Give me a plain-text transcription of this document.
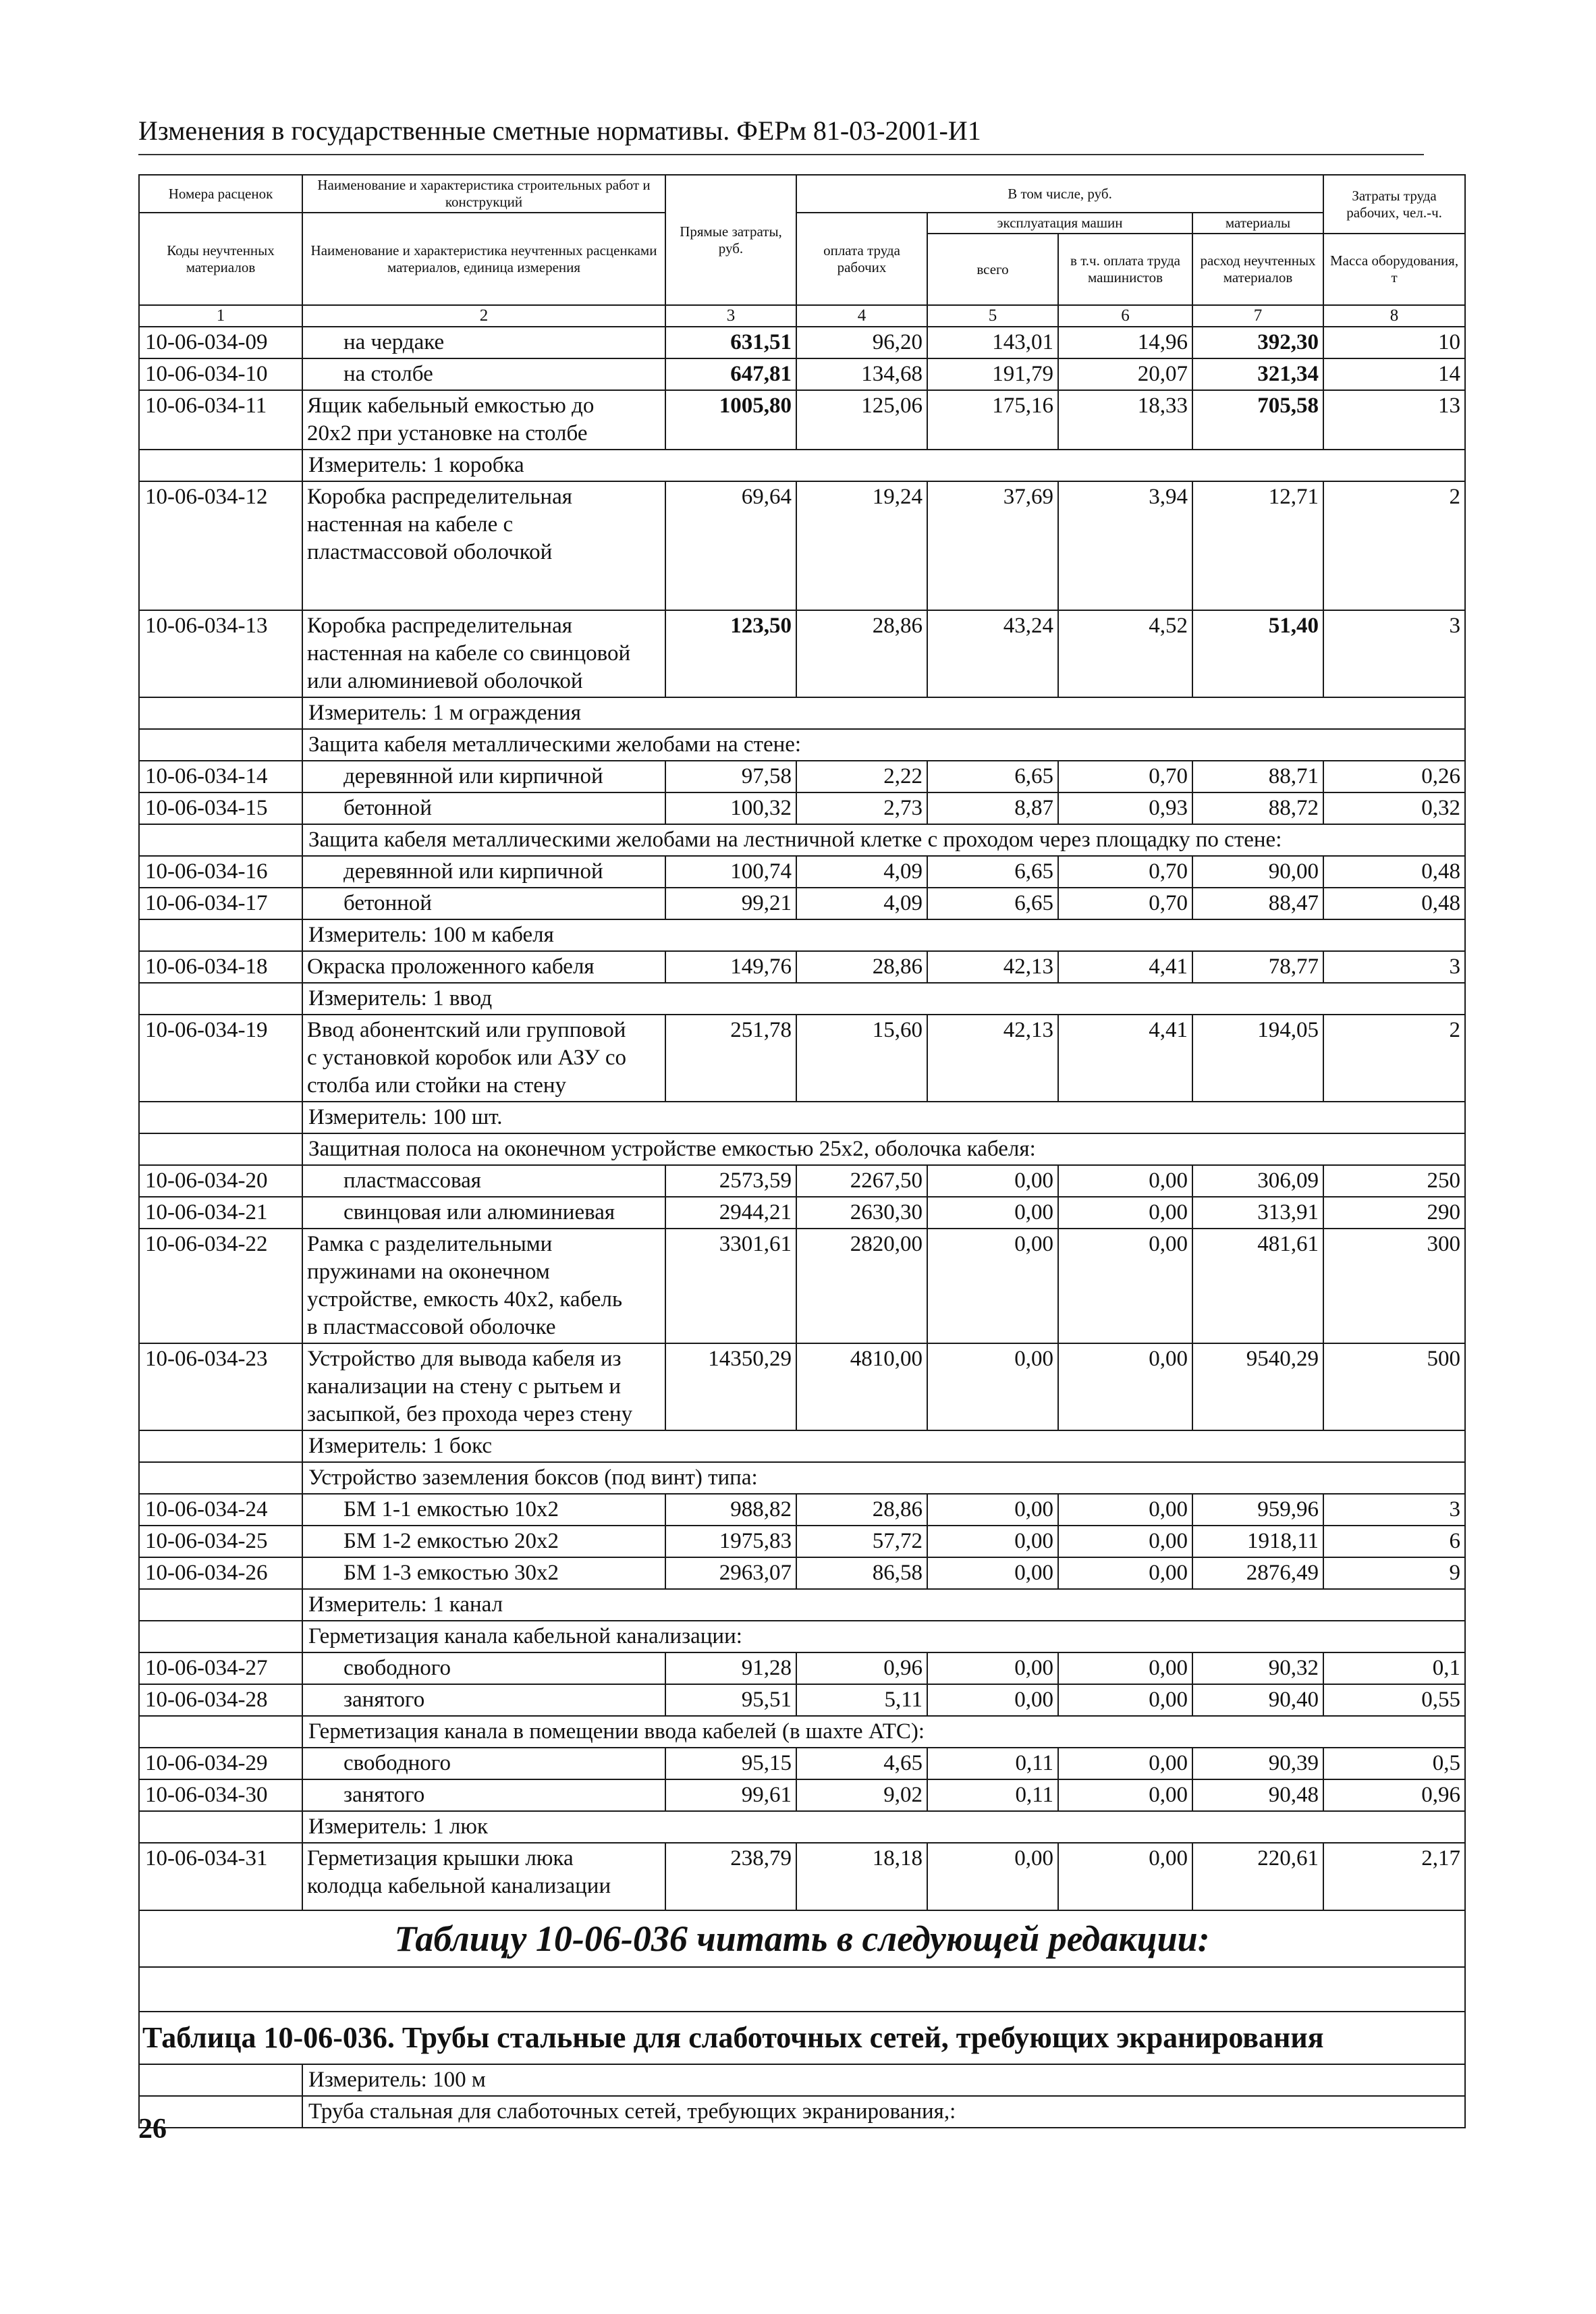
Изменения в государственные сметные нормативы. ФЕРм 81-03-2001-И1
Номера расценок	Наименование и характеристика строительных работ и конструкций	Прямые затраты, руб.	В том числе, руб.				Затраты труда рабочих, чел.-ч.
Коды неучтенных материалов	Наименование и характеристика неучтенных расценками материалов, единица измерения		оплата труда рабочих	эксплуатация машин		материалы	
				всего	в т.ч. оплата труда машинистов	расход неучтенных материалов	
							Масса оборудования, т
1	2	3	4	5	6	7	8
10-06-034-09	на чердаке	631,51	96,20	143,01	14,96	392,30	10
10-06-034-10	на столбе	647,81	134,68	191,79	20,07	321,34	14
10-06-034-11	Ящик кабельный емкостью до
20x2 при установке на столбе	1005,80	125,06	175,16	18,33	705,58	13
	Измеритель: 1 коробка						
10-06-034-12	Коробка распределительная
настенная на кабеле с
пластмассовой оболочкой	69,64	19,24	37,69	3,94	12,71	2
10-06-034-13	Коробка распределительная
настенная на кабеле со свинцовой
или алюминиевой оболочкой	123,50	28,86	43,24	4,52	51,40	3
	Измеритель: 1 м ограждения						
	Защита кабеля металлическими желобами на стене:						
10-06-034-14	деревянной или кирпичной	97,58	2,22	6,65	0,70	88,71	0,26
10-06-034-15	бетонной	100,32	2,73	8,87	0,93	88,72	0,32
	Защита кабеля металлическими желобами на лестничной клетке с проходом через площадку по стене:						
10-06-034-16	деревянной или кирпичной	100,74	4,09	6,65	0,70	90,00	0,48
10-06-034-17	бетонной	99,21	4,09	6,65	0,70	88,47	0,48
	Измеритель: 100 м кабеля						
10-06-034-18	Окраска проложенного кабеля	149,76	28,86	42,13	4,41	78,77	3
	Измеритель: 1 ввод						
10-06-034-19	Ввод абонентский или групповой
с установкой коробок или АЗУ со
столба или стойки на стену	251,78	15,60	42,13	4,41	194,05	2
	Измеритель: 100 шт.						
	Защитная полоса на оконечном устройстве емкостью 25x2, оболочка кабеля:						
10-06-034-20	пластмассовая	2573,59	2267,50	0,00	0,00	306,09	250
10-06-034-21	свинцовая или алюминиевая	2944,21	2630,30	0,00	0,00	313,91	290
10-06-034-22	Рамка с разделительными
пружинами на оконечном
устройстве, емкость 40x2, кабель
в пластмассовой оболочке	3301,61	2820,00	0,00	0,00	481,61	300
10-06-034-23	Устройство для вывода кабеля из
канализации на стену с рытьем и
засыпкой, без прохода через стену	14350,29	4810,00	0,00	0,00	9540,29	500
	Измеритель: 1 бокс						
	Устройство заземления боксов (под винт) типа:						
10-06-034-24	БМ 1-1 емкостью 10x2	988,82	28,86	0,00	0,00	959,96	3
10-06-034-25	БМ 1-2 емкостью 20x2	1975,83	57,72	0,00	0,00	1918,11	6
10-06-034-26	БМ 1-3 емкостью 30x2	2963,07	86,58	0,00	0,00	2876,49	9
	Измеритель: 1 канал						
	Герметизация канала кабельной канализации:						
10-06-034-27	свободного	91,28	0,96	0,00	0,00	90,32	0,1
10-06-034-28	занятого	95,51	5,11	0,00	0,00	90,40	0,55
	Герметизация канала в помещении ввода кабелей (в шахте АТС):						
10-06-034-29	свободного	95,15	4,65	0,11	0,00	90,39	0,5
10-06-034-30	занятого	99,61	9,02	0,11	0,00	90,48	0,96
	Измеритель: 1 люк						
10-06-034-31	Герметизация крышки люка
колодца кабельной канализации	238,79	18,18	0,00	0,00	220,61	2,17
Таблицу 10-06-036 читать в следующей редакции:							

Таблица 10-06-036. Трубы стальные для слаботочных сетей, требующих экранирования							
	Измеритель: 100 м						
	Труба стальная для слаботочных сетей, требующих экранирования,:						
26
